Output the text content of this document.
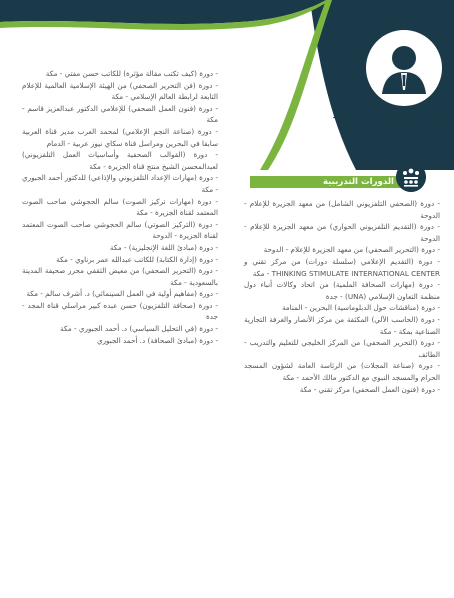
عبدالله عبدالقادر أحمد
كاتب وصحفي ومقدم
الدورات التدريبية

- دورة (كيف تكتب مقالة مؤثرة) للكاتب حسن مفتي - مكة

- دورة (فن التحرير الصحفي) من الهيئة الإسلامية العالمية للإعلام التابعة لرابطة العالم الإسلامي - مكة

- دورة (فنون العمل الصحفي) للإعلامي الدكتور عبدالعزيز قاسم - مكة

- دورة (صناعة النجم الإعلامي) لمحمد العرب مدير قناة العربية سابقا في البحرين ومراسل قناة سكاي نيوز عربية - الدمام

- دورة (القوالب الصحفية وأساسيات العمل التلفزيوني) لعبدالمحسن الشيخ منتج قناة الجزيرة - مكة

- دورة (مهارات الإعداد التلفزيوني والإذاعي) للدكتور أحمد الجبوري - مكة

- دورة (مهارات تركيز الصوت) سالم الحجوشي صاحب الصوت المعتمد لقناة الجزيرة - مكة

- دورة (التركيز الصوتي) سالم الحجوشي صاحب الصوت المعتمد لقناة الجزيرة - الدوحة

- دورة (مبادئ اللغة الإنجليزية) - مكة

- دورة (إدارة الكتابة) للكاتب عبدالله عمر برناوي - مكة

- دورة (التحرير الصحفي) من معيض الثقفي محرر صحيفة المدينة بالسعودية - مكة

- دورة (مفاهيم أولية في العمل السينمائي) د. أشرف سالم - مكة

- دورة (صحافة التلفزيون) حسن عبده كبير مراسلي قناة المجد - جدة

- دورة (في التحليل السياسي) د. أحمد الجبوري - مكة

- دورة (مبادئ الصحافة) د. أحمد الجبوري

- دورة (الصحفي التلفزيوني الشامل) من معهد الجزيرة للإعلام - الدوحة

- دورة (التقديم التلفزيوني الحواري) من معهد الجزيرة للإعلام - الدوحة

- دورة (التحرير الصحفي) من معهد الجزيرة للإعلام - الدوحة

- دورة (التقديم الإعلامي (سلسلة دورات) من مركز تقني و THINKING STIMULATE INTERNATIONAL CENTER - مكة

- دورة (مهارات الصحافة الملمية) من اتحاد وكالات أنباء دول منظمة التعاون الإسلامي (UNA) - جدة

- دورة (مناقشات حول الدبلوماسية) البحرين - المنامة

- دورة (الحاسب الآلي) المكثفة من مركز الأنصار والغرفة التجارية الصناعية بمكة - مكة

- دورة (التحرير الصحفي) من المركز الخليجي للتعليم والتدريب - الطائف

- دورة (صناعة المجلات) من الرئاسة العامة لشؤون المسجد الحرام والمسجد النبوي مع الدكتور مالك الأحمد - مكة

- دورة (فنون العمل الصحفي) مركز تقني - مكة
